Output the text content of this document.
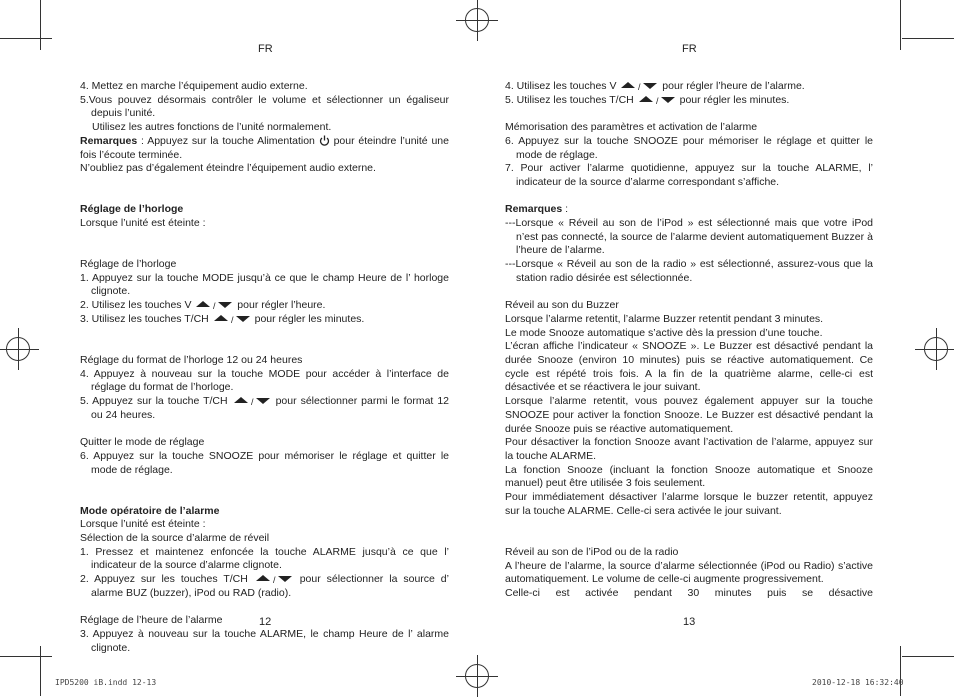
FR	FR

4. Mettez en marche l’équipement audio externe.

5.Vous pouvez désormais contrôler le volume et sélectionner un égaliseur depuis l’unité.

Utilisez les autres fonctions de l’unité normalement.

Remarques : Appuyez sur la touche Alimentation  pour éteindre l’unité une fois l’écoute terminée.

N’oubliez pas d’également éteindre l’équipement audio externe.

Réglage de l’horloge

Lorsque l’unité est éteinte :

Réglage de l’horloge

1. Appuyez sur la touche MODE jusqu’à ce que le champ Heure de l’ horloge clignote.

2. Utilisez les touches V / pour régler l’heure.

3. Utilisez les touches T/CH / pour régler les minutes.

Réglage du format de l’horloge 12 ou 24 heures

4. Appuyez à nouveau sur la touche MODE pour accéder à l’interface de réglage du format de l’horloge.

5. Appuyez sur la touche T/CH / pour sélectionner parmi le format 12 ou 24 heures.

Quitter le mode de réglage

6. Appuyez sur la touche SNOOZE pour mémoriser le réglage et quitter le mode de réglage.

Mode opératoire de l’alarme

Lorsque l’unité est éteinte :

Sélection de la source d’alarme de réveil

1. Pressez et maintenez enfoncée la touche ALARME jusqu’à ce que l’ indicateur de la source d’alarme clignote.

2. Appuyez sur les touches T/CH / pour sélectionner la source d’ alarme BUZ (buzzer), iPod ou RAD (radio).

Réglage de l’heure de l’alarme

3. Appuyez à nouveau sur la touche ALARME, le champ Heure de l’ alarme clignote.

4. Utilisez les touches V / pour régler l’heure de l’alarme.

5. Utilisez les touches T/CH / pour régler les minutes.

Mémorisation des paramètres et activation de l’alarme

6. Appuyez sur la touche SNOOZE pour mémoriser le réglage et quitter le mode de réglage.

7. Pour activer l’alarme quotidienne, appuyez sur la touche ALARME, l’ indicateur de la source d’alarme correspondant s’affiche.

Remarques :

---Lorsque « Réveil au son de l’iPod » est sélectionné mais que votre iPod n’est pas connecté, la source de l’alarme devient automatiquement Buzzer à l’heure de l’alarme.

---Lorsque « Réveil au son de la radio » est sélectionné, assurez-vous que la station radio désirée est sélectionnée.

Réveil au son du Buzzer

Lorsque l’alarme retentit, l’alarme Buzzer retentit pendant 3 minutes.

Le mode Snooze automatique s’active dès la pression d’une touche.

L’écran affiche l’indicateur « SNOOZE ». Le Buzzer est désactivé pendant la durée Snooze (environ 10 minutes) puis se réactive automatiquement. Ce cycle est répété trois fois. A la fin de la quatrième alarme, celle-ci est désactivée et se réactivera le jour suivant.

Lorsque l’alarme retentit, vous pouvez également appuyer sur la touche SNOOZE pour activer la fonction Snooze. Le Buzzer est désactivé pendant la durée Snooze puis se réactive automatiquement.

Pour désactiver la fonction Snooze avant l’activation de l’alarme, appuyez sur la touche ALARME.

La fonction Snooze (incluant la fonction Snooze automatique et Snooze manuel) peut être utilisée 3 fois seulement.

Pour immédiatement désactiver l’alarme lorsque le buzzer retentit, appuyez sur la touche ALARME. Celle-ci sera activée le jour suivant.

Réveil au son de l’iPod ou de la radio

A l’heure de l’alarme, la source d’alarme sélectionnée (iPod ou Radio) s’active automatiquement. Le volume de celle-ci augmente progressivement.

Celle-ci est activée pendant 30 minutes puis se désactive

12	13
IPD5200 iB.indd 12-13	2010-12-18 16:32:40
